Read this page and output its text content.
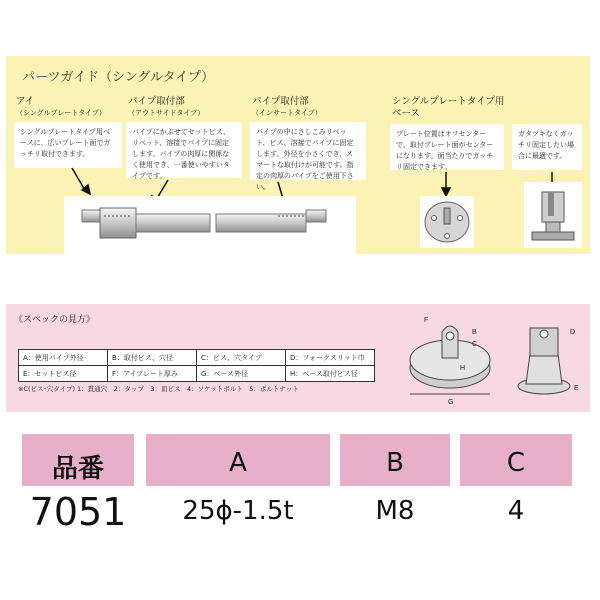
パーツガイド（シングルタイプ）
アイ
（シングルプレートタイプ）
シングルプレートタイプ用ベースに、広いプレート面でガッチリ取付できます。
パイプ取付部
（アウトサイドタイプ）
パイプにかぶせてセットビス、リベット、溶接でパイプに固定します。パイプの肉厚に関係なく使用でき、一番使いやすいタイプです。
パイプ取付部
（インサートタイプ）
パイプの中にさしこみリベット、ビス、溶接でパイプに固定します。外径を小さくでき、スマートな取付けが可能です。指定の肉厚のパイプをご使用下さい。
シングルプレートタイプ用
ベース
プレート位置はオフセンターで、取付プレート面がセンターになります。面当たりでガッチリ固定できます。
ガタツキなくガッチリ固定したい場合に最適です。
《スペックの見方》
A：使用パイプ外径	B：取付ビス、穴径	C：ビス、穴タイプ	D：フォークスリット巾
E：セットビス径	F：アイプレート厚み	G：ベース外径	H：ベース取付ビス径
※C(ビス･穴タイプ) 1：貫通穴　2：タップ　3：皿ビス　4：ソケットボルト　5：ボルトナット
F
B
C
D
H
G
E
品番	A	B	C
7051	25ϕ-1.5t	M8	4
